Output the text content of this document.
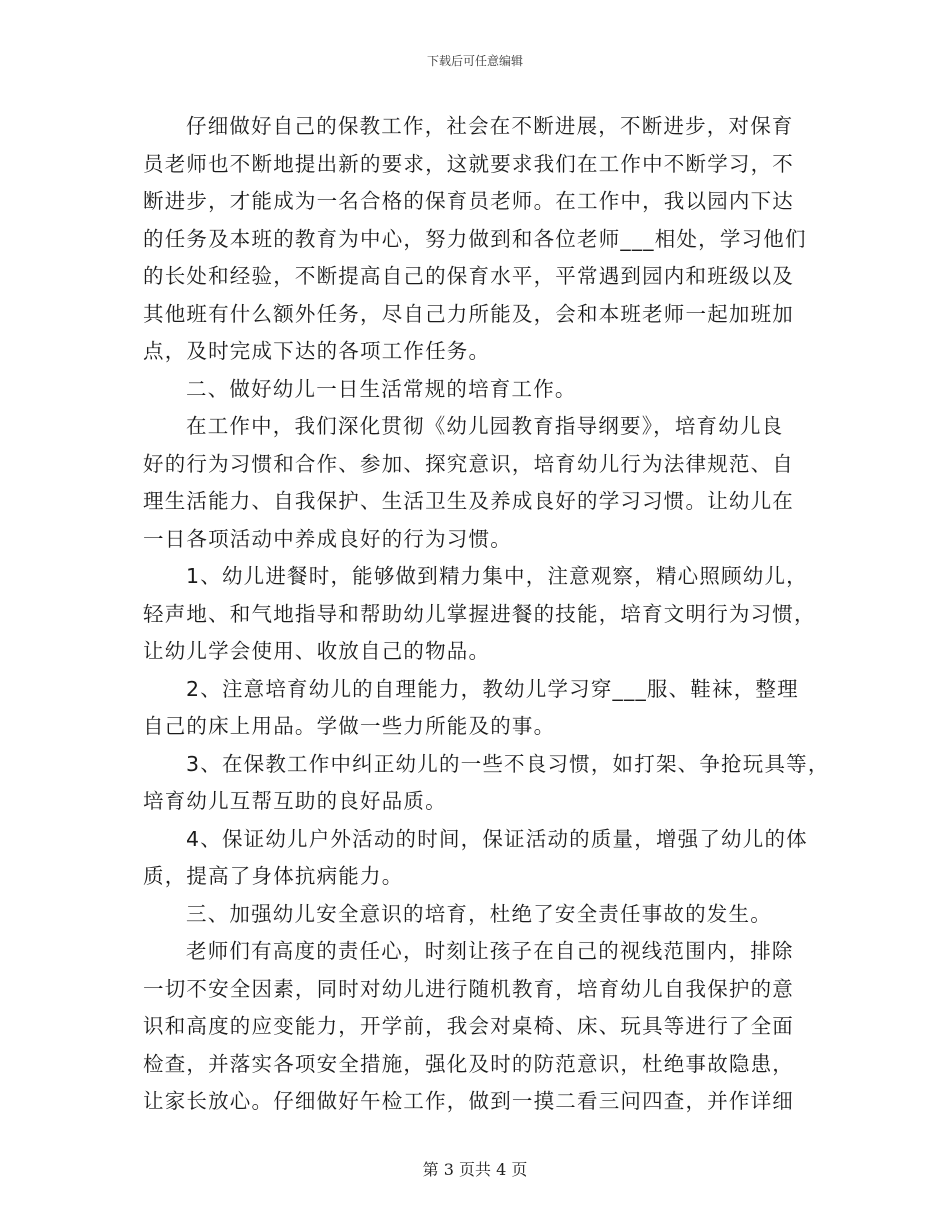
下载后可任意编辑
仔细做好自己的保教工作，社会在不断进展，不断进步，对保育
员老师也不断地提出新的要求，这就要求我们在工作中不断学习，不
断进步，才能成为一名合格的保育员老师。在工作中，我以园内下达
的任务及本班的教育为中心，努力做到和各位老师___相处，学习他们
的长处和经验，不断提高自己的保育水平，平常遇到园内和班级以及
其他班有什么额外任务，尽自己力所能及，会和本班老师一起加班加
点，及时完成下达的各项工作任务。
二、做好幼儿一日生活常规的培育工作。
在工作中，我们深化贯彻《幼儿园教育指导纲要》，培育幼儿良
好的行为习惯和合作、参加、探究意识，培育幼儿行为法律规范、自
理生活能力、自我保护、生活卫生及养成良好的学习习惯。让幼儿在
一日各项活动中养成良好的行为习惯。
1、幼儿进餐时，能够做到精力集中，注意观察，精心照顾幼儿，
轻声地、和气地指导和帮助幼儿掌握进餐的技能，培育文明行为习惯，
让幼儿学会使用、收放自己的物品。
2、注意培育幼儿的自理能力，教幼儿学习穿___服、鞋袜，整理
自己的床上用品。学做一些力所能及的事。
3、在保教工作中纠正幼儿的一些不良习惯，如打架、争抢玩具等，
培育幼儿互帮互助的良好品质。
4、保证幼儿户外活动的时间，保证活动的质量，增强了幼儿的体
质，提高了身体抗病能力。
三、加强幼儿安全意识的培育，杜绝了安全责任事故的发生。
老师们有高度的责任心，时刻让孩子在自己的视线范围内，排除
一切不安全因素，同时对幼儿进行随机教育，培育幼儿自我保护的意
识和高度的应变能力，开学前，我会对桌椅、床、玩具等进行了全面
检查，并落实各项安全措施，强化及时的防范意识，杜绝事故隐患，
让家长放心。仔细做好午检工作，做到一摸二看三问四查，并作详细
第 3 页共 4 页
